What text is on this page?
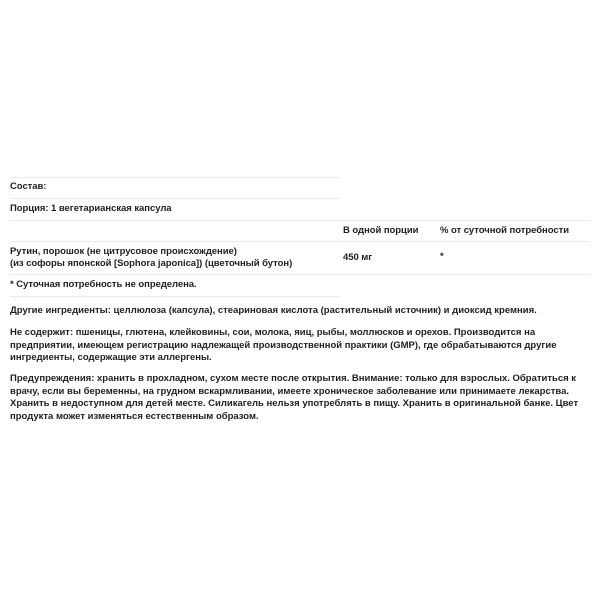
Состав:
Порция: 1 вегетарианская капсула
В одной порции % от суточной потребности
Рутин, порошок (не цитрусовое происхождение)
(из софоры японской [Sophora japonica]) (цветочный бутон)
450 мг	*
* Суточная потребность не определена.
Другие ингредиенты: целлюлоза (капсула), стеариновая кислота (растительный источник) и диоксид кремния.
Не содержит: пшеницы, глютена, клейковины, сои, молока, яиц, рыбы, моллюсков и орехов. Производится на предприятии, имеющем регистрацию надлежащей производственной практики (GMP), где обрабатываются другие ингредиенты, содержащие эти аллергены.
Предупреждения: хранить в прохладном, сухом месте после открытия. Внимание: только для взрослых. Обратиться к врачу, если вы беременны, на грудном вскармливании, имеете хроническое заболевание или принимаете лекарства. Хранить в недоступном для детей месте. Силикагель нельзя употреблять в пищу. Хранить в оригинальной банке. Цвет продукта может изменяться естественным образом.
